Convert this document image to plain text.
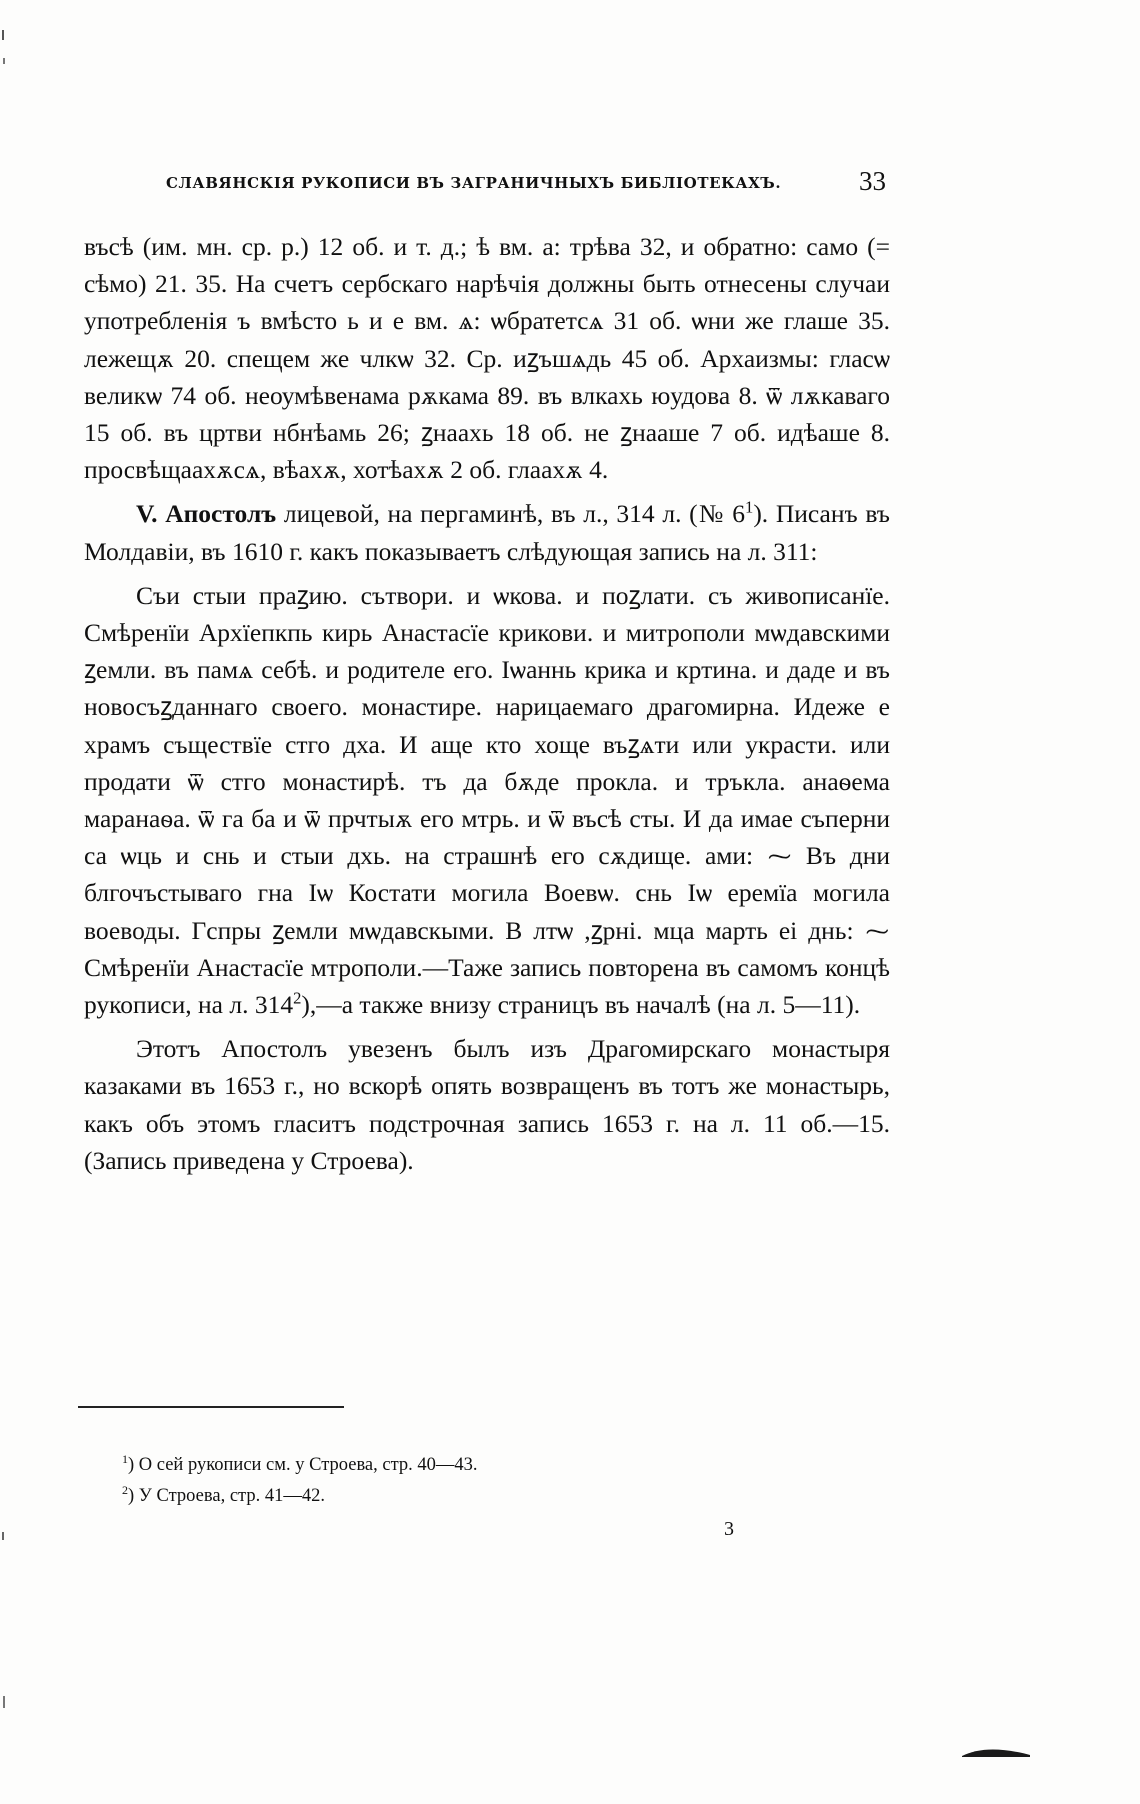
СЛАВЯНСКІЯ РУКОПИСИ ВЪ ЗАГРАНИЧНЫХЪ БИБЛІОТЕКАХЪ.	33

въсѣ (им. мн. ср. р.) 12 об. и т. д.; ѣ вм. а: трѣва 32, и обратно: само (= сѣмо) 21. 35. На счетъ сербскаго нарѣчія должны быть отнесены случаи употребленія ъ вмѣсто ь и е вм. ѧ: ѡбратетсѧ 31 об. ѡни же глаше 35. лежещѫ 20. спещем же члкѡ 32. Ср. иꙁъшѧдь 45 об. Архаизмы: гласѡ великѡ 74 об. неоумѣвенама рѫкама 89. въ влкахь юудова 8. ѿ лѫкаваго 15 об. въ цртви нбнѣамь 26; ꙁнаахь 18 об. не ꙁнааше 7 об. идѣаше 8. просвѣщаахѫсѧ, вѣахѫ, хотѣахѫ 2 об. глаахѫ 4.

V. Апостолъ лицевой, на пергаминѣ, въ л., 314 л. (№ $6^1$). Писанъ въ Молдавіи, въ 1610 г. какъ показываетъ слѣдующая запись на л. 311:

Съи стыи праꙁию. сътвори. и ѡкова. и поꙁлати. съ живописанїе. Смѣренїи Архїепкпь кирь Анастасїе крикови. и митрополи мѡдавскими ꙁемли. въ памѧ себѣ. и родителе его. Іѡаннь крика и кртина. и даде и въ новосъꙁданнаго своего. монастире. нарицаемаго драгомирна. Идеже е храмъ съществїе стго дха. И аще кто хоще въꙁѧти или украсти. или продати ѿ стго монастирѣ. тъ да бѫде прокла. и тръкла. анаѳема маранаѳа. ѿ га ба и ѿ прчтыѫ его мтрь. и ѿ въсѣ сты. И да имае съперни са ѡць и снь и стыи дхь. на страшнѣ его сѫдище. ами: ⁓ Въ дни блгочъстываго гна Іѡ Костати могила Воевѡ. снь Іѡ еремїа могила воеводы. Гспры ꙁемли мѡдавскыми. В лтѡ ,ꙁрні. мца марть еі днь: ⁓ Смѣренїи Анастасїе мтрополи.—Таже запись повторена въ самомъ концѣ рукописи, на л. $314^2),—а$ также внизу страницъ въ началѣ (на л. 5—11).

Этотъ Апостолъ увезенъ былъ изъ Драгомирскаго монастыря казаками въ 1653 г., но вскорѣ опять возвращенъ въ тотъ же монастырь, какъ объ этомъ гласитъ подстрочная запись 1653 г. на л. 11 об.—15. (Запись приведена у Строева).

$^1$) О сей рукописи см. у Строева, стр. 40—43.
$^2$) У Строева, стр. 41—42.
3
